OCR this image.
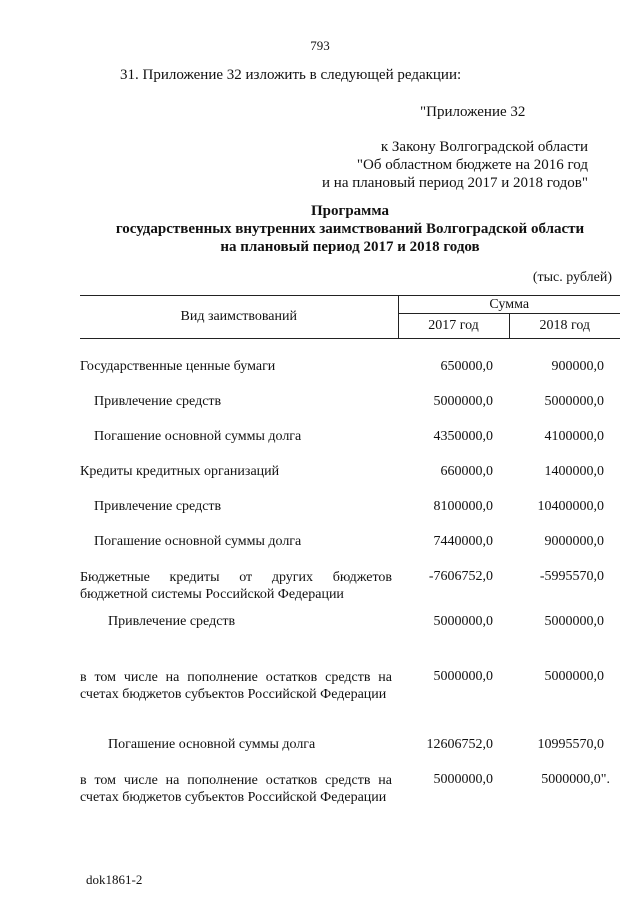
793
31. Приложение 32 изложить в следующей редакции:
"Приложение 32
к Закону Волгоградской области
"Об областном бюджете на 2016 год
и на плановый период 2017 и 2018 годов"
Программа
государственных внутренних заимствований Волгоградской области
на плановый период 2017 и 2018 годов
(тыс. рублей)
Вид заимствований	Сумма	
	2017 год	2018 год

Государственные ценные бумаги	650000,0	900000,0
Привлечение средств	5000000,0	5000000,0
Погашение основной суммы долга	4350000,0	4100000,0
Кредиты кредитных организаций	660000,0	1400000,0
Привлечение средств	8100000,0	10400000,0
Погашение основной суммы долга	7440000,0	9000000,0
Бюджетные кредиты от других бюджетов бюджетной системы Российской Федерации	-7606752,0	-5995570,0
Привлечение средств	5000000,0	5000000,0

в том числе на пополнение остатков средств на счетах бюджетов субъектов Российской Федерации	5000000,0	5000000,0
Погашение основной суммы долга	12606752,0	10995570,0
в том числе на пополнение остатков средств на счетах бюджетов субъектов Российской Федерации	5000000,0	5000000,0".
dok1861-2
